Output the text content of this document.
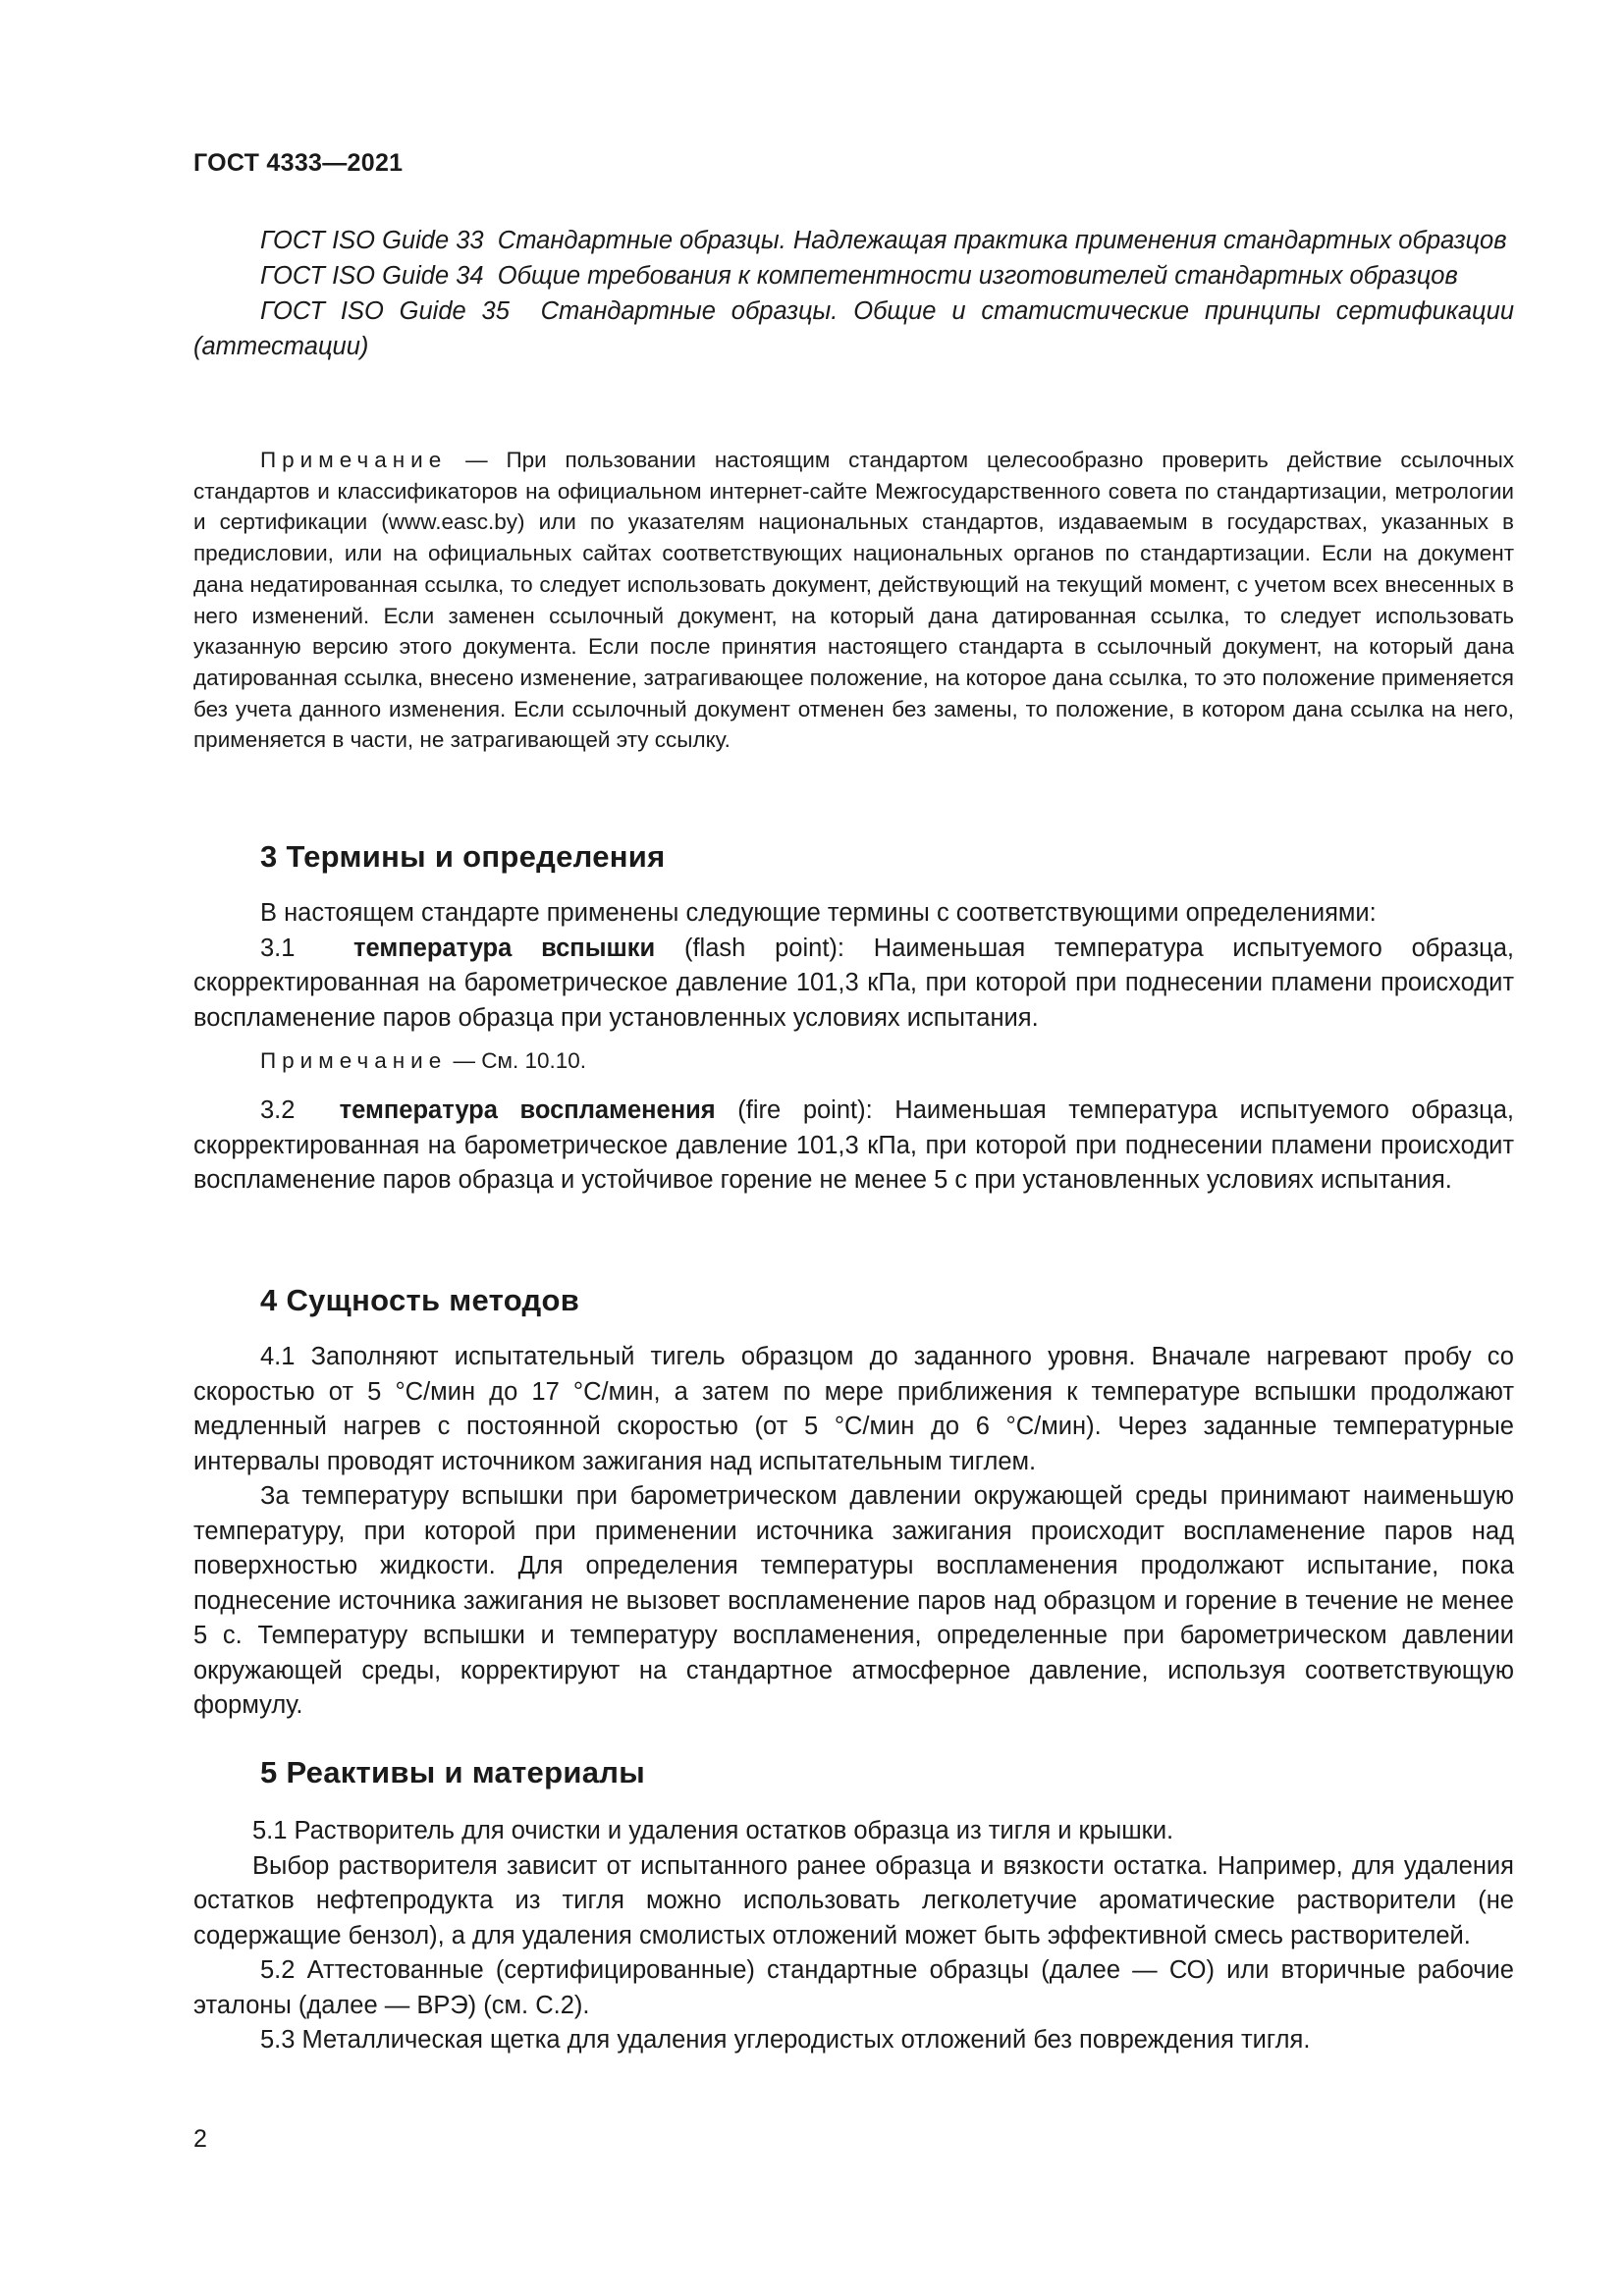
ГОСТ 4333—2021

ГОСТ ISO Guide 33 Стандартные образцы. Надлежащая практика применения стандартных образцов

ГОСТ ISO Guide 34 Общие требования к компетентности изготовителей стандартных образцов

ГОСТ ISO Guide 35 Стандартные образцы. Общие и статистические принципы сертификации (аттестации)

Примечание — При пользовании настоящим стандартом целесообразно проверить действие ссылочных стандартов и классификаторов на официальном интернет-сайте Межгосударственного совета по стандартизации, метрологии и сертификации (www.easc.by) или по указателям национальных стандартов, издаваемым в государствах, указанных в предисловии, или на официальных сайтах соответствующих национальных органов по стандартизации. Если на документ дана недатированная ссылка, то следует использовать документ, действующий на текущий момент, с учетом всех внесенных в него изменений. Если заменен ссылочный документ, на который дана датированная ссылка, то следует использовать указанную версию этого документа. Если после принятия настоящего стандарта в ссылочный документ, на который дана датированная ссылка, внесено изменение, затрагивающее положение, на которое дана ссылка, то это положение применяется без учета данного изменения. Если ссылочный документ отменен без замены, то положение, в котором дана ссылка на него, применяется в части, не затрагивающей эту ссылку.

3 Термины и определения

В настоящем стандарте применены следующие термины с соответствующими определениями:

3.1 температура вспышки (flash point): Наименьшая температура испытуемого образца, скорректированная на барометрическое давление 101,3 кПа, при которой при поднесении пламени происходит воспламенение паров образца при установленных условиях испытания.

Примечание — См. 10.10.

3.2 температура воспламенения (fire point): Наименьшая температура испытуемого образца, скорректированная на барометрическое давление 101,3 кПа, при которой при поднесении пламени происходит воспламенение паров образца и устойчивое горение не менее 5 с при установленных условиях испытания.

4 Сущность методов

4.1 Заполняют испытательный тигель образцом до заданного уровня. Вначале нагревают пробу со скоростью от 5 °С/мин до 17 °С/мин, а затем по мере приближения к температуре вспышки продолжают медленный нагрев с постоянной скоростью (от 5 °С/мин до 6 °С/мин). Через заданные температурные интервалы проводят источником зажигания над испытательным тиглем.

За температуру вспышки при барометрическом давлении окружающей среды принимают наименьшую температуру, при которой при применении источника зажигания происходит воспламенение паров над поверхностью жидкости. Для определения температуры воспламенения продолжают испытание, пока поднесение источника зажигания не вызовет воспламенение паров над образцом и горение в течение не менее 5 с. Температуру вспышки и температуру воспламенения, определенные при барометрическом давлении окружающей среды, корректируют на стандартное атмосферное давление, используя соответствующую формулу.

5 Реактивы и материалы

5.1 Растворитель для очистки и удаления остатков образца из тигля и крышки.

Выбор растворителя зависит от испытанного ранее образца и вязкости остатка. Например, для удаления остатков нефтепродукта из тигля можно использовать легколетучие ароматические растворители (не содержащие бензол), а для удаления смолистых отложений может быть эффективной смесь растворителей.

5.2 Аттестованные (сертифицированные) стандартные образцы (далее — СО) или вторичные рабочие эталоны (далее — ВРЭ) (см. С.2).

5.3 Металлическая щетка для удаления углеродистых отложений без повреждения тигля.

2
